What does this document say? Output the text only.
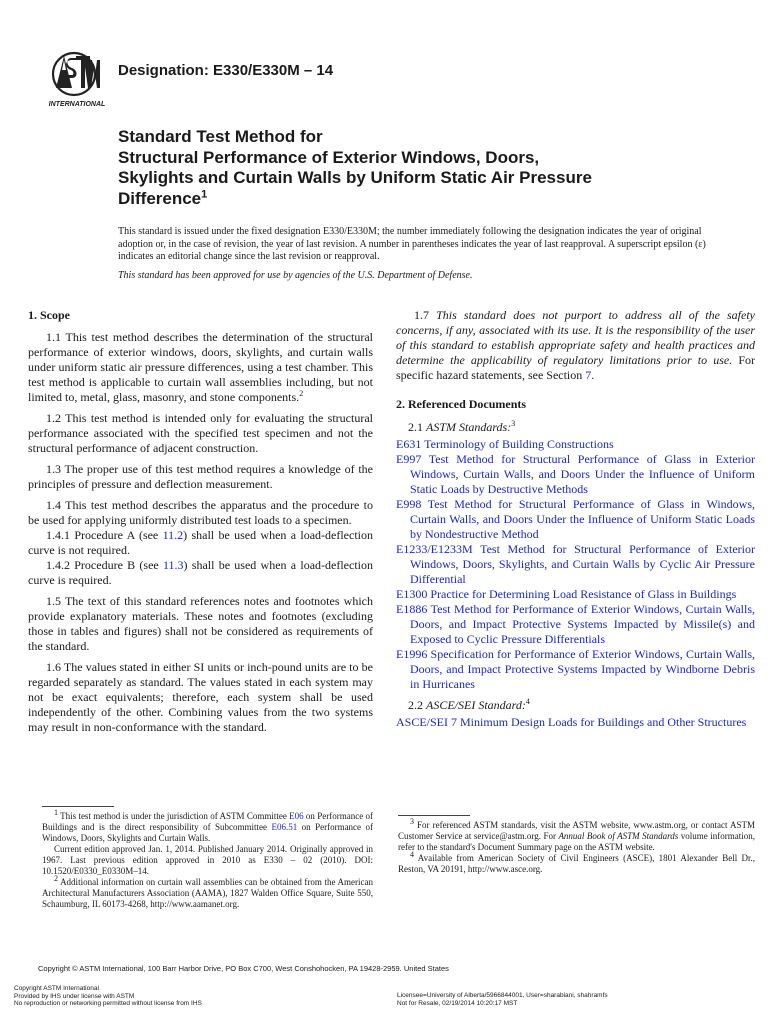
INTERNATIONAL
Designation: E330/E330M – 14
Standard Test Method for
Structural Performance of Exterior Windows, Doors,
Skylights and Curtain Walls by Uniform Static Air Pressure
Difference$^1$
This standard is issued under the fixed designation E330/E330M; the number immediately following the designation indicates the year of original adoption or, in the case of revision, the year of last revision. A number in parentheses indicates the year of last reapproval. A superscript epsilon (ε) indicates an editorial change since the last revision or reapproval.
This standard has been approved for use by agencies of the U.S. Department of Defense.
1. Scope

1.1 This test method describes the determination of the structural performance of exterior windows, doors, skylights, and curtain walls under uniform static air pressure differences, using a test chamber. This test method is applicable to curtain wall assemblies including, but not limited to, metal, glass, masonry, and stone components.$^2$

1.2 This test method is intended only for evaluating the structural performance associated with the specified test specimen and not the structural performance of adjacent construction.

1.3 The proper use of this test method requires a knowledge of the principles of pressure and deflection measurement.

1.4 This test method describes the apparatus and the procedure to be used for applying uniformly distributed test loads to a specimen.

1.4.1 Procedure A (see 11.2) shall be used when a load-deflection curve is not required.

1.4.2 Procedure B (see 11.3) shall be used when a load-deflection curve is required.

1.5 The text of this standard references notes and footnotes which provide explanatory materials. These notes and footnotes (excluding those in tables and figures) shall not be considered as requirements of the standard.

1.6 The values stated in either SI units or inch-pound units are to be regarded separately as standard. The values stated in each system may not be exact equivalents; therefore, each system shall be used independently of the other. Combining values from the two systems may result in non-conformance with the standard.

1.7 This standard does not purport to address all of the safety concerns, if any, associated with its use. It is the responsibility of the user of this standard to establish appropriate safety and health practices and determine the applicability of regulatory limitations prior to use. For specific hazard statements, see Section 7.

2. Referenced Documents
2.1 ASTM Standards:$^3$

E631 Terminology of Building Constructions

E997 Test Method for Structural Performance of Glass in Exterior Windows, Curtain Walls, and Doors Under the Influence of Uniform Static Loads by Destructive Methods

E998 Test Method for Structural Performance of Glass in Windows, Curtain Walls, and Doors Under the Influence of Uniform Static Loads by Nondestructive Method

E1233/E1233M Test Method for Structural Performance of Exterior Windows, Doors, Skylights, and Curtain Walls by Cyclic Air Pressure Differential

E1300 Practice for Determining Load Resistance of Glass in Buildings

E1886 Test Method for Performance of Exterior Windows, Curtain Walls, Doors, and Impact Protective Systems Impacted by Missile(s) and Exposed to Cyclic Pressure Differentials

E1996 Specification for Performance of Exterior Windows, Curtain Walls, Doors, and Impact Protective Systems Impacted by Windborne Debris in Hurricanes

2.2 ASCE/SEI Standard:$^4$

ASCE/SEI 7 Minimum Design Loads for Buildings and Other Structures

$^1$ This test method is under the jurisdiction of ASTM Committee E06 on Performance of Buildings and is the direct responsibility of Subcommittee E06.51 on Performance of Windows, Doors, Skylights and Curtain Walls.

Current edition approved Jan. 1, 2014. Published January 2014. Originally approved in 1967. Last previous edition approved in 2010 as E330 – 02 (2010). DOI: 10.1520/E0330_E0330M–14.

$^2$ Additional information on curtain wall assemblies can be obtained from the American Architectural Manufacturers Association (AAMA), 1827 Walden Office Square, Suite 550, Schaumburg, IL 60173-4268, http://www.aamanet.org.

$^3$ For referenced ASTM standards, visit the ASTM website, www.astm.org, or contact ASTM Customer Service at service@astm.org. For Annual Book of ASTM Standards volume information, refer to the standard's Document Summary page on the ASTM website.

$^4$ Available from American Society of Civil Engineers (ASCE), 1801 Alexander Bell Dr., Reston, VA 20191, http://www.asce.org.

Copyright © ASTM International, 100 Barr Harbor Drive, PO Box C700, West Conshohocken, PA 19428-2959. United States
Copyright ASTM International
Provided by IHS under license with ASTM
No reproduction or networking permitted without license from IHS
Licensee=University of Alberta/5966844001, User=sharabiani, shahramfs
Not for Resale, 02/19/2014 10:20:17 MST
